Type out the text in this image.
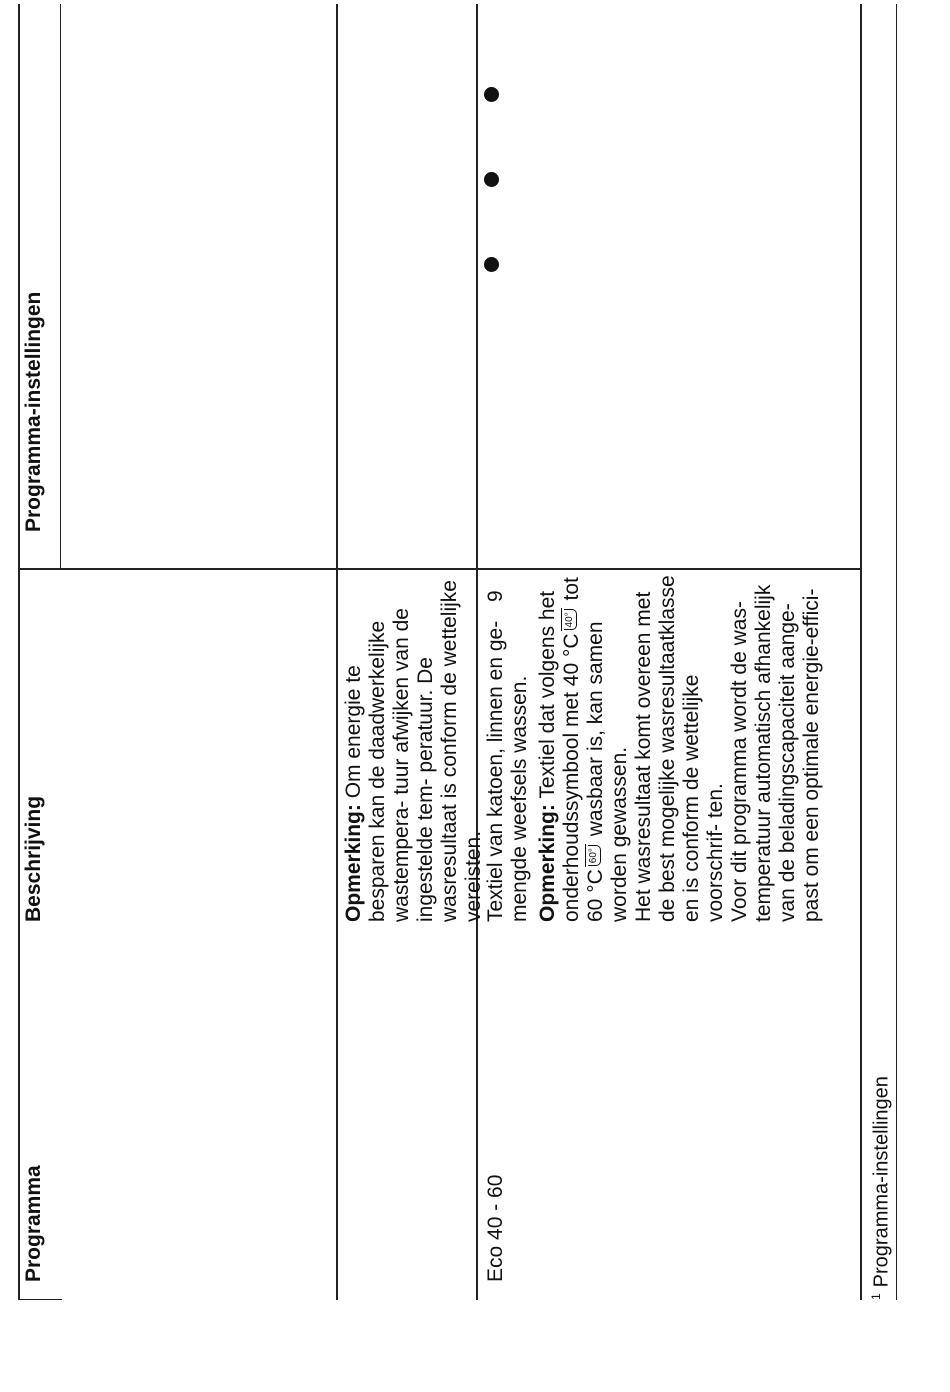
Programma
Beschrijving
Programma-instellingen

Opmerking: Om energie te besparen kan de daadwerkelijke wastempera- tuur afwijken van de ingestelde tem- peratuur. De wasresultaat is conform de wettelijke vereisten.

Eco 40 - 60

Textiel van katoen, linnen en ge- mengde weefsels wassen. Opmerking: Textiel dat volgens het onderhoudssymbool met 40 °C40° tot 60 °C60° wasbaar is, kan samen worden gewassen. Het wasresultaat komt overeen met de best mogelijke wasresultaatklasse en is conform de wettelijke voorschrif- ten. Voor dit programma wordt de was- temperatuur automatisch afhankelijk van de beladingscapaciteit aange- past om een optimale energie-effici-

9
$^1$Programma-instellingen
